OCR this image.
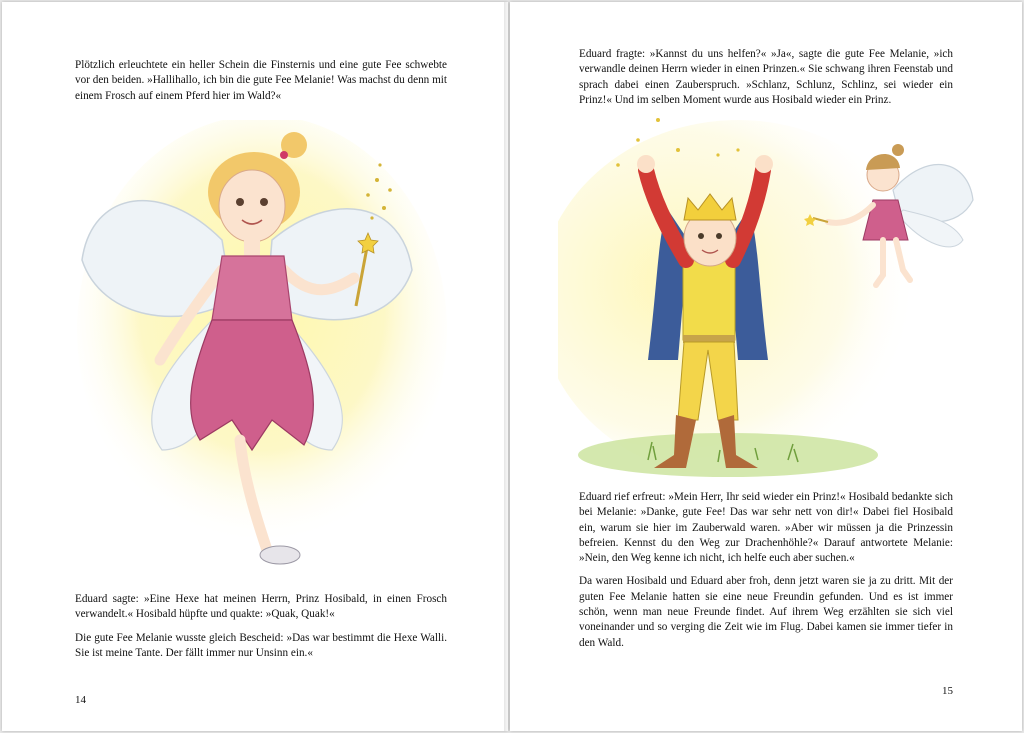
Plötzlich erleuchtete ein heller Schein die Finsternis und eine gute Fee schwebte vor den beiden. »Hallihallo, ich bin die gute Fee Melanie! Was machst du denn mit einem Frosch auf einem Pferd hier im Wald?«

Eduard sagte: »Eine Hexe hat meinen Herrn, Prinz Hosibald, in einen Frosch verwandelt.« Hosibald hüpfte und quakte: »Quak, Quak!«

Die gute Fee Melanie wusste gleich Bescheid: »Das war bestimmt die Hexe Walli. Sie ist meine Tante. Der fällt immer nur Unsinn ein.«

14

Eduard fragte: »Kannst du uns helfen?« »Ja«, sagte die gute Fee Melanie, »ich verwandle deinen Herrn wieder in einen Prinzen.« Sie schwang ihren Feenstab und sprach dabei einen Zauberspruch. »Schlanz, Schlunz, Schlinz, sei wieder ein Prinz!« Und im selben Moment wurde aus Hosibald wieder ein Prinz.

Eduard rief erfreut: »Mein Herr, Ihr seid wieder ein Prinz!« Hosibald bedankte sich bei Melanie: »Danke, gute Fee! Das war sehr nett von dir!« Dabei fiel Hosibald ein, warum sie hier im Zauberwald waren. »Aber wir müssen ja die Prinzessin befreien. Kennst du den Weg zur Drachenhöhle?« Darauf antwortete Melanie: »Nein, den Weg kenne ich nicht, ich helfe euch aber suchen.«

Da waren Hosibald und Eduard aber froh, denn jetzt waren sie ja zu dritt. Mit der guten Fee Melanie hatten sie eine neue Freundin gefunden. Und es ist immer schön, wenn man neue Freunde findet. Auf ihrem Weg erzählten sie sich viel voneinander und so verging die Zeit wie im Flug. Dabei kamen sie immer tiefer in den Wald.

15
